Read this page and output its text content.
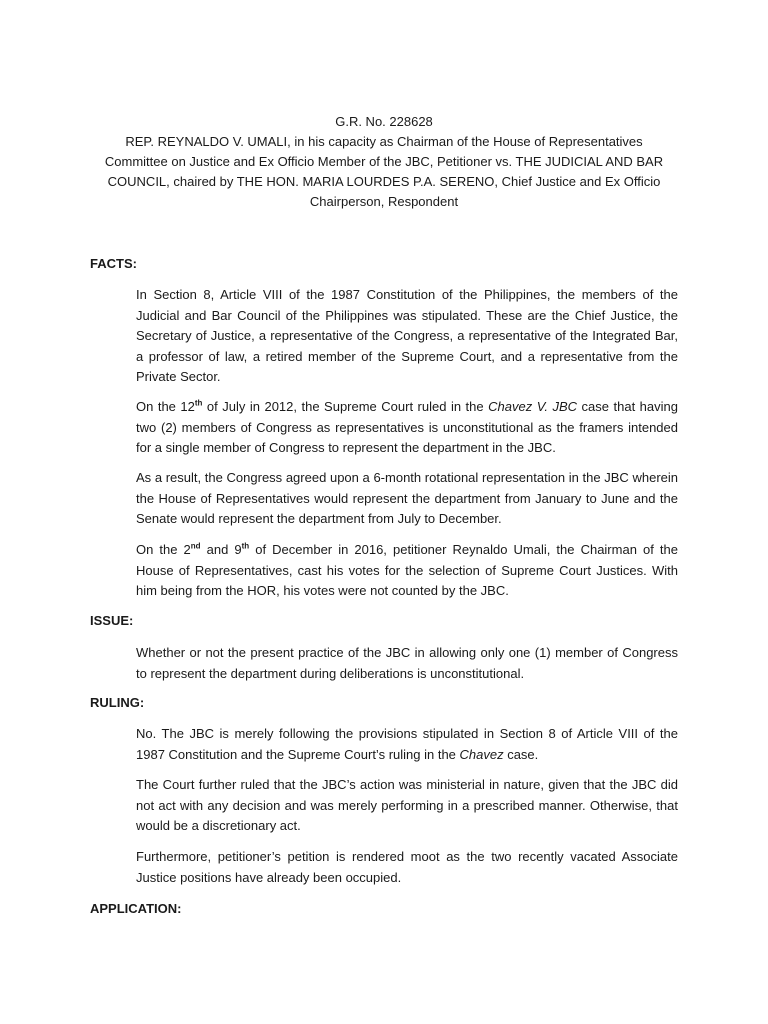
G.R. No. 228628
REP. REYNALDO V. UMALI, in his capacity as Chairman of the House of Representatives
Committee on Justice and Ex Officio Member of the JBC, Petitioner vs. THE JUDICIAL AND BAR
COUNCIL, chaired by THE HON. MARIA LOURDES P.A. SERENO, Chief Justice and Ex Officio
Chairperson, Respondent
FACTS:

In Section 8, Article VIII of the 1987 Constitution of the Philippines, the members of the Judicial and Bar Council of the Philippines was stipulated. These are the Chief Justice, the Secretary of Justice, a representative of the Congress, a representative of the Integrated Bar, a professor of law, a retired member of the Supreme Court, and a representative from the Private Sector.

On the 12th of July in 2012, the Supreme Court ruled in the Chavez V. JBC case that having two (2) members of Congress as representatives is unconstitutional as the framers intended for a single member of Congress to represent the department in the JBC.

As a result, the Congress agreed upon a 6-month rotational representation in the JBC wherein the House of Representatives would represent the department from January to June and the Senate would represent the department from July to December.

On the 2nd and 9th of December in 2016, petitioner Reynaldo Umali, the Chairman of the House of Representatives, cast his votes for the selection of Supreme Court Justices. With him being from the HOR, his votes were not counted by the JBC.

ISSUE:

Whether or not the present practice of the JBC in allowing only one (1) member of Congress to represent the department during deliberations is unconstitutional.

RULING:

No. The JBC is merely following the provisions stipulated in Section 8 of Article VIII of the 1987 Constitution and the Supreme Court’s ruling in the Chavez case.

The Court further ruled that the JBC’s action was ministerial in nature, given that the JBC did not act with any decision and was merely performing in a prescribed manner. Otherwise, that would be a discretionary act.

Furthermore, petitioner’s petition is rendered moot as the two recently vacated Associate Justice positions have already been occupied.

APPLICATION:
